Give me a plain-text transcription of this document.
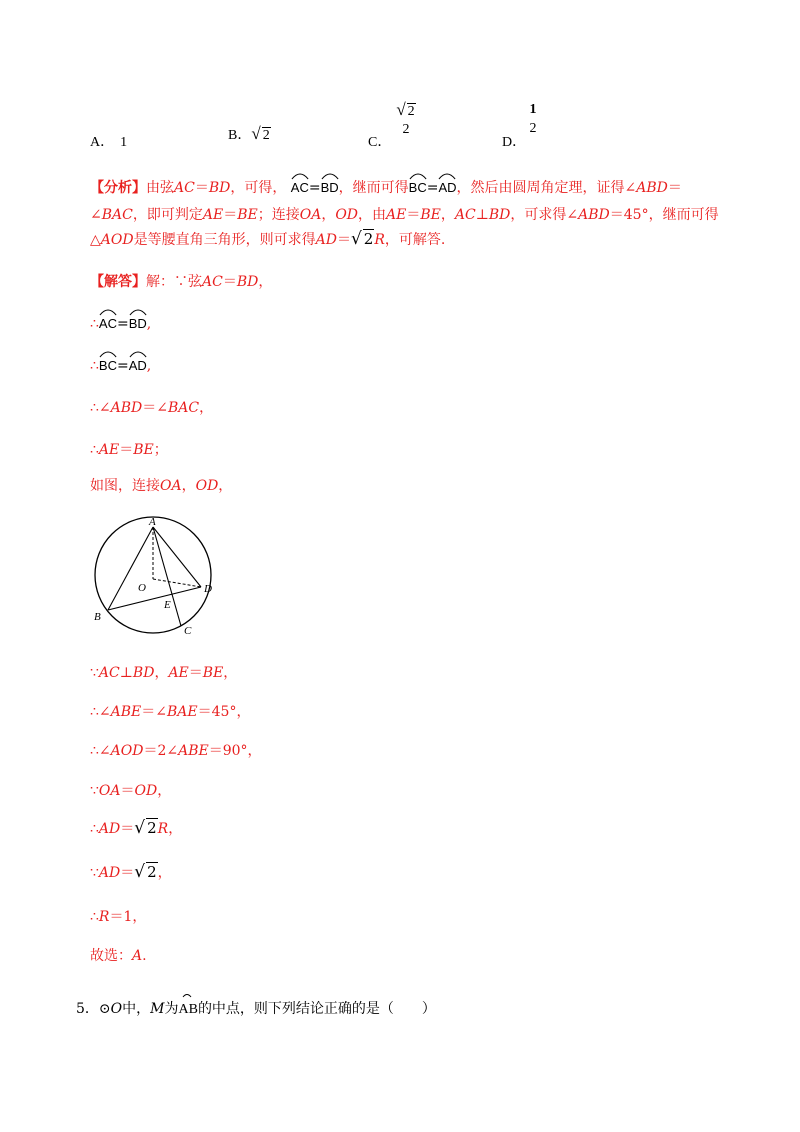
A． 1	B．√ 2	C．
√ 2
2
D．
1
2
【分析】由弦AC＝BD，可得， AC=
BD，继而可得
BC=
AD，然后由圆周角定理，证得∠ABD＝
∠BAC，即可判定AE＝BE；连接OA，OD，由AE＝BE，AC⊥BD，可求得∠ABD＝45°，继而可得
△AOD是等腰直角三角形，则可求得AD＝√ 2R，可解答.
【解答】解：∵弦AC＝BD，
∴
AC=
BD,
∴
BC=
AD,
∴∠ABD＝∠BAC，
∴AE＝BE；
如图，连接OA，OD，
A
B
C
D
O
E
∵AC⊥BD，AE＝BE，
∴∠ABE＝∠BAE＝45°，
∴∠AOD＝2∠ABE＝90°，
∵OA＝OD，
∴AD＝√ 2R，
∵AD＝√ 2，
∴R＝1，
故选：A.
5．⊙O中，M为
AB的中点，则下列结论正确的是（　　）
